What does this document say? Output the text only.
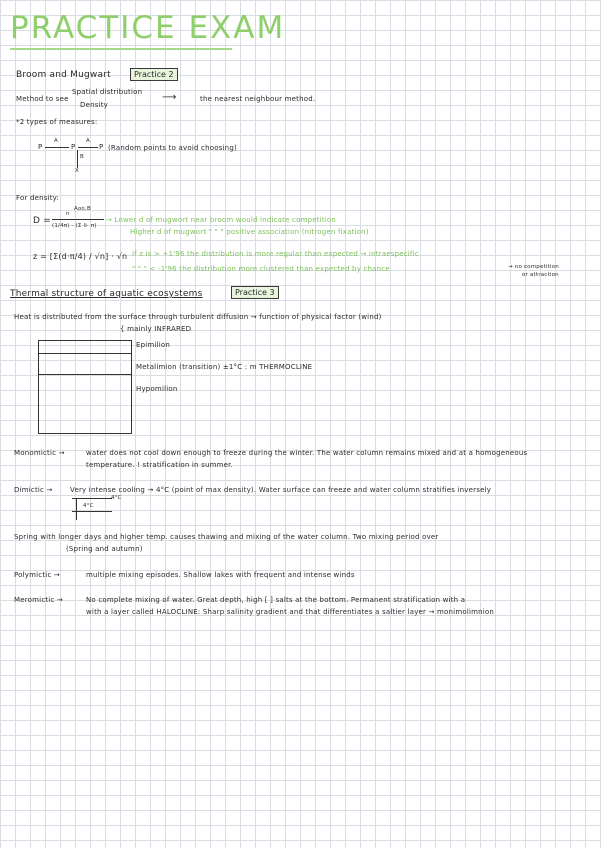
PRACTICE EXAM
Broom and Mugwart	Practice 2
Method to see
Spatial distribution
Density
⟶	the nearest neighbour method.
*2 types of measures:
P
A
P
A
P
B
X
(Random points to avoid choosing)
For density:
D =
n
Aoo,B
(1/4π) · (Σ li· π)
→ Lower d of mugwort near broom would indicate competition
Higher d of mugwort " " " positive association (nitrogen fixation)
z = [Σ(d·π/4) / √n] · √n if z is > +1'96 the distribution is more regular than expected → intraespecific
" " " < -1'96 the distribution more clustered than expected by chance	→ no competition
or attraction
Thermal structure of aquatic ecosystems	Practice 3
Heat is distributed from the surface through turbulent diffusion → function of physical factor (wind)
{ mainly INFRARED
Epimilion
Metalimion (transition) ±1°C : m THERMOCLINE
Hypomilion
Monomictic →	water does not cool down enough to freeze during the winter. The water column remains mixed and at a homogeneous
temperature. ! stratification in summer.
Dimictic → Very intense cooling → 4°C (point of max density). Water surface can freeze and water column stratifies inversely
4°C
4°C
Spring with longer days and higher temp. causes thawing and mixing of the water column. Two mixing period over
(Spring and autumn)
Polymictic →	multiple mixing episodes. Shallow lakes with frequent and intense winds
Meromictic →	No complete mixing of water. Great depth, high [ ] salts at the bottom. Permanent stratification with a
with a layer called HALOCLINE: Sharp salinity gradient and that differentiates a saltier layer → monimolimnion
